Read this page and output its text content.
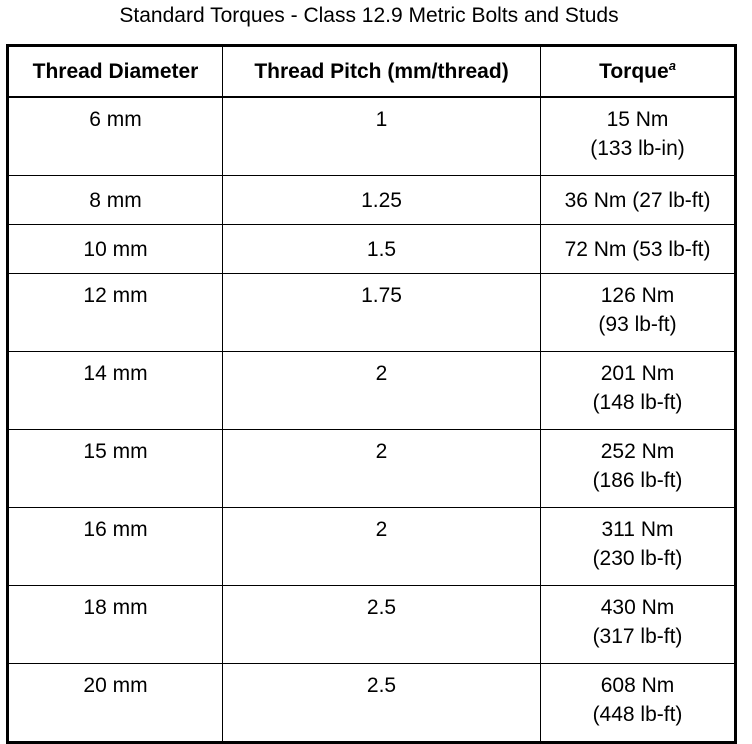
Standard Torques - Class 12.9 Metric Bolts and Studs
Thread Diameter	Thread Pitch (mm/thread)	Torque$^a$
6 mm	1	15 Nm
(133 lb-in)

8 mm	1.25	36 Nm (27 lb-ft)

10 mm	1.5	72 Nm (53 lb-ft)

12 mm	1.75	126 Nm
(93 lb-ft)

14 mm	2	201 Nm
(148 lb-ft)

15 mm	2	252 Nm
(186 lb-ft)

16 mm	2	311 Nm
(230 lb-ft)

18 mm	2.5	430 Nm
(317 lb-ft)

20 mm	2.5	608 Nm
(448 lb-ft)
